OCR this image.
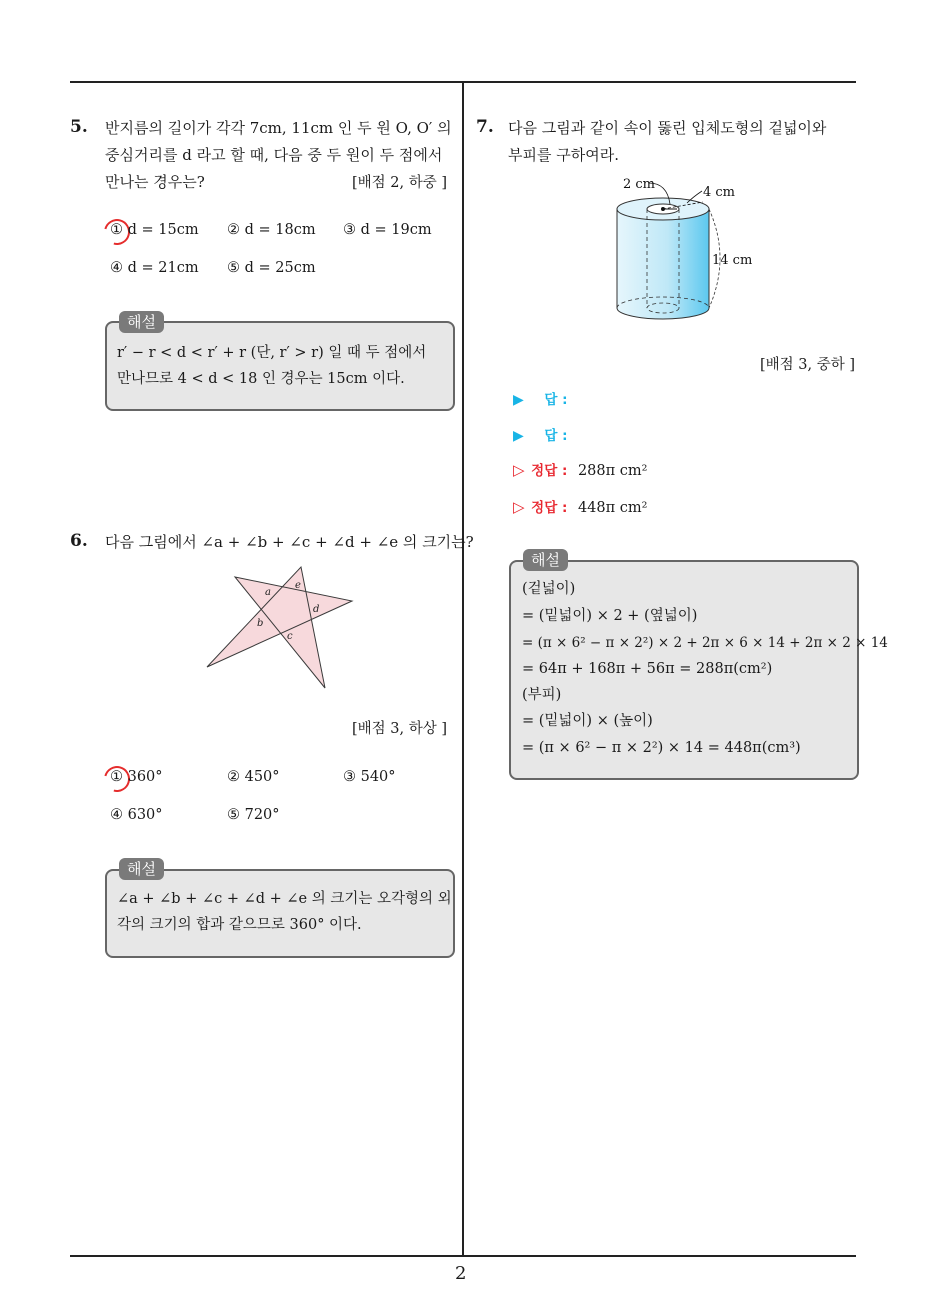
2
5. 반지름의 길이가 각각 7cm, 11cm 인 두 원 O, O′ 의
중심거리를 d 라고 할 때, 다음 중 두 원이 두 점에서
만나는 경우는?	[배점 2, 하중 ]
① d = 15cm ② d = 18cm ③ d = 19cm
④ d = 21cm ⑤ d = 25cm
해설
r′ − r < d < r′ + r (단, r′ > r) 일 때 두 점에서
만나므로 4 < d < 18 인 경우는 15cm 이다.
6. 다음 그림에서 ∠a + ∠b + ∠c + ∠d + ∠e 의 크기는?
a
e
d
b
c
[배점 3, 하상 ]
① 360°	② 450°	③ 540°
④ 630°	⑤ 720°
해설
∠a + ∠b + ∠c + ∠d + ∠e 의 크기는 오각형의 외
각의 크기의 합과 같으므로 360° 이다.
7. 다음 그림과 같이 속이 뚫린 입체도형의 겉넓이와
부피를 구하여라.
2 cm
4 cm
14 cm
[배점 3, 중하 ]
▶ 답 :
▶ 답 :
▷ 정답 : 288π cm²
▷ 정답 : 448π cm²
해설
(겉넓이)
= (밑넓이) × 2 + (옆넓이)
= (π × 6² − π × 2²) × 2 + 2π × 6 × 14 + 2π × 2 × 14
= 64π + 168π + 56π = 288π(cm²)
(부피)
= (밑넓이) × (높이)
= (π × 6² − π × 2²) × 14 = 448π(cm³)
